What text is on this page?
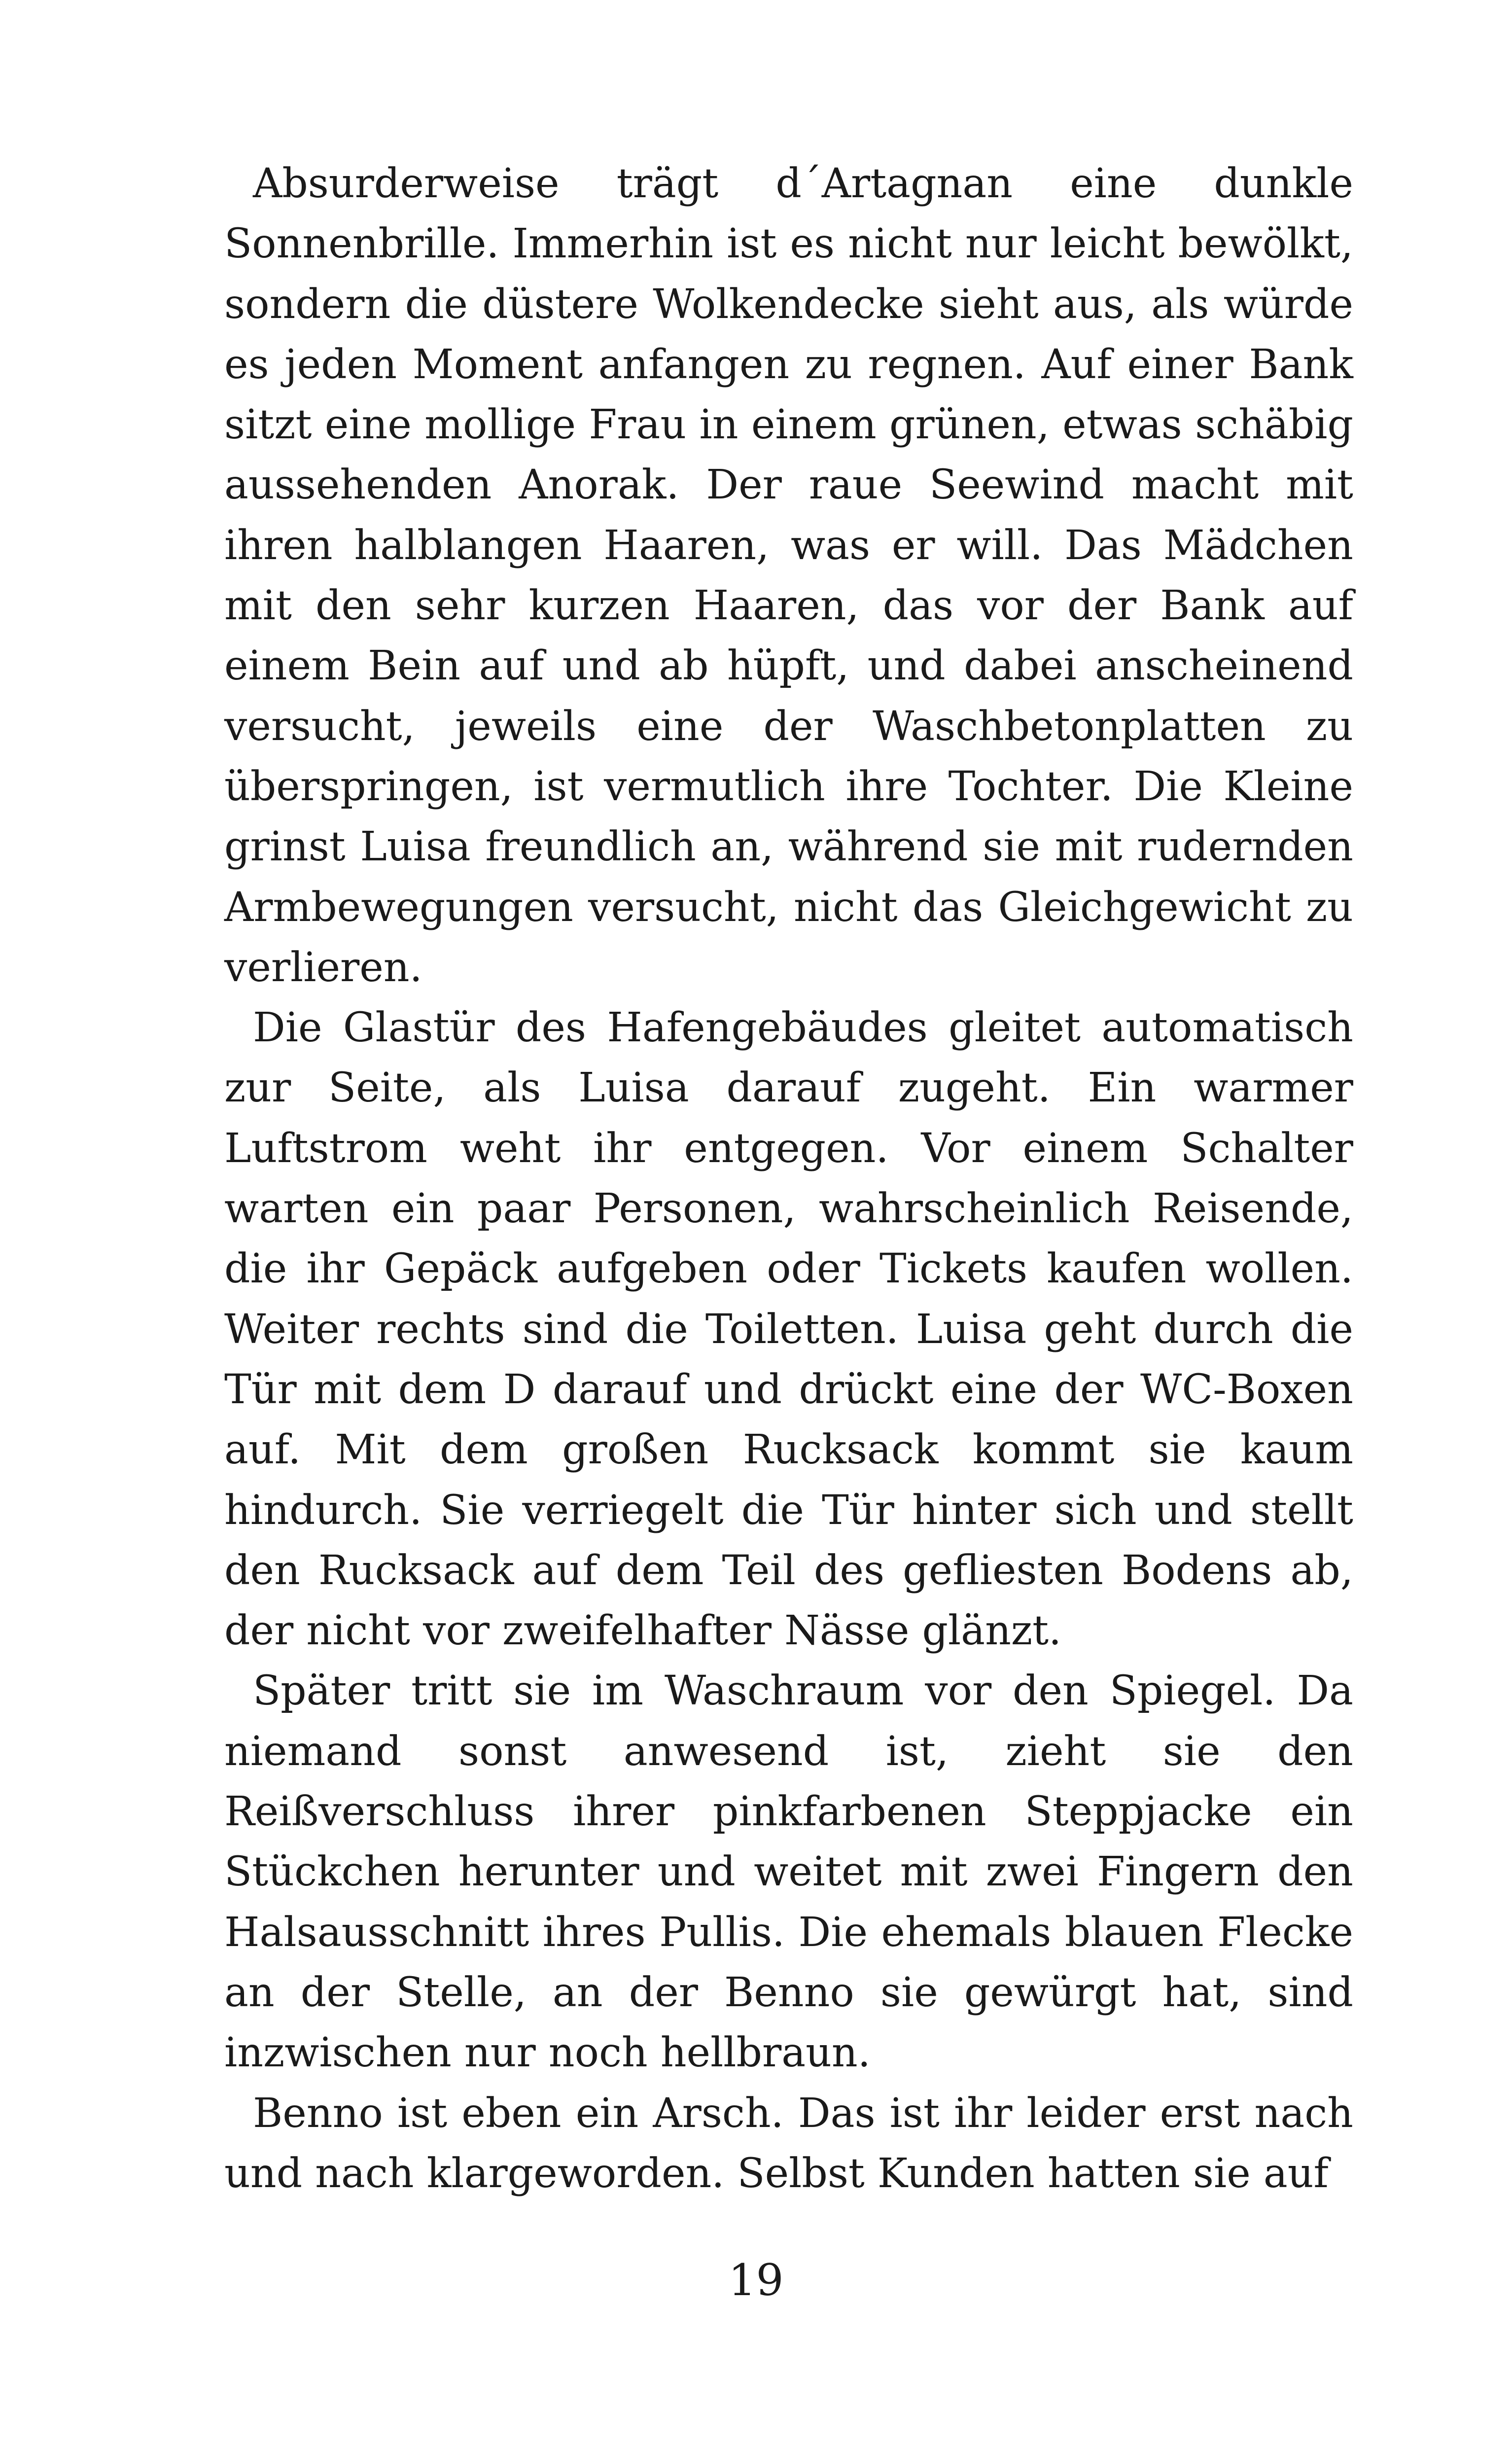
Absurderweise trägt d´Artagnan eine dunkle Sonnenbrille. Immerhin ist es nicht nur leicht bewölkt, sondern die düstere Wolkendecke sieht aus, als würde es jeden Moment anfangen zu regnen. Auf einer Bank sitzt eine mollige Frau in einem grünen, etwas schäbig aussehenden Anorak. Der raue Seewind macht mit ihren halblangen Haaren, was er will. Das Mädchen mit den sehr kurzen Haaren, das vor der Bank auf einem Bein auf und ab hüpft, und dabei anscheinend versucht, jeweils eine der Waschbetonplatten zu überspringen, ist vermutlich ihre Tochter. Die Kleine grinst Luisa freundlich an, während sie mit rudernden Armbewegungen versucht, nicht das Gleichgewicht zu verlieren.

Die Glastür des Hafengebäudes gleitet automatisch zur Seite, als Luisa darauf zugeht. Ein warmer Luftstrom weht ihr entgegen. Vor einem Schalter warten ein paar Personen, wahrscheinlich Reisende, die ihr Gepäck aufgeben oder Tickets kaufen wollen. Weiter rechts sind die Toiletten. Luisa geht durch die Tür mit dem D darauf und drückt eine der WC-Boxen auf. Mit dem großen Rucksack kommt sie kaum hindurch. Sie verriegelt die Tür hinter sich und stellt den Rucksack auf dem Teil des gefliesten Bodens ab, der nicht vor zweifelhafter Nässe glänzt.

Später tritt sie im Waschraum vor den Spiegel. Da niemand sonst anwesend ist, zieht sie den Reißverschluss ihrer pinkfarbenen Steppjacke ein Stückchen herunter und weitet mit zwei Fingern den Halsausschnitt ihres Pullis. Die ehemals blauen Flecke an der Stelle, an der Benno sie gewürgt hat, sind inzwischen nur noch hellbraun.

Benno ist eben ein Arsch. Das ist ihr leider erst nach und nach klargeworden. Selbst Kunden hatten sie auf

19
